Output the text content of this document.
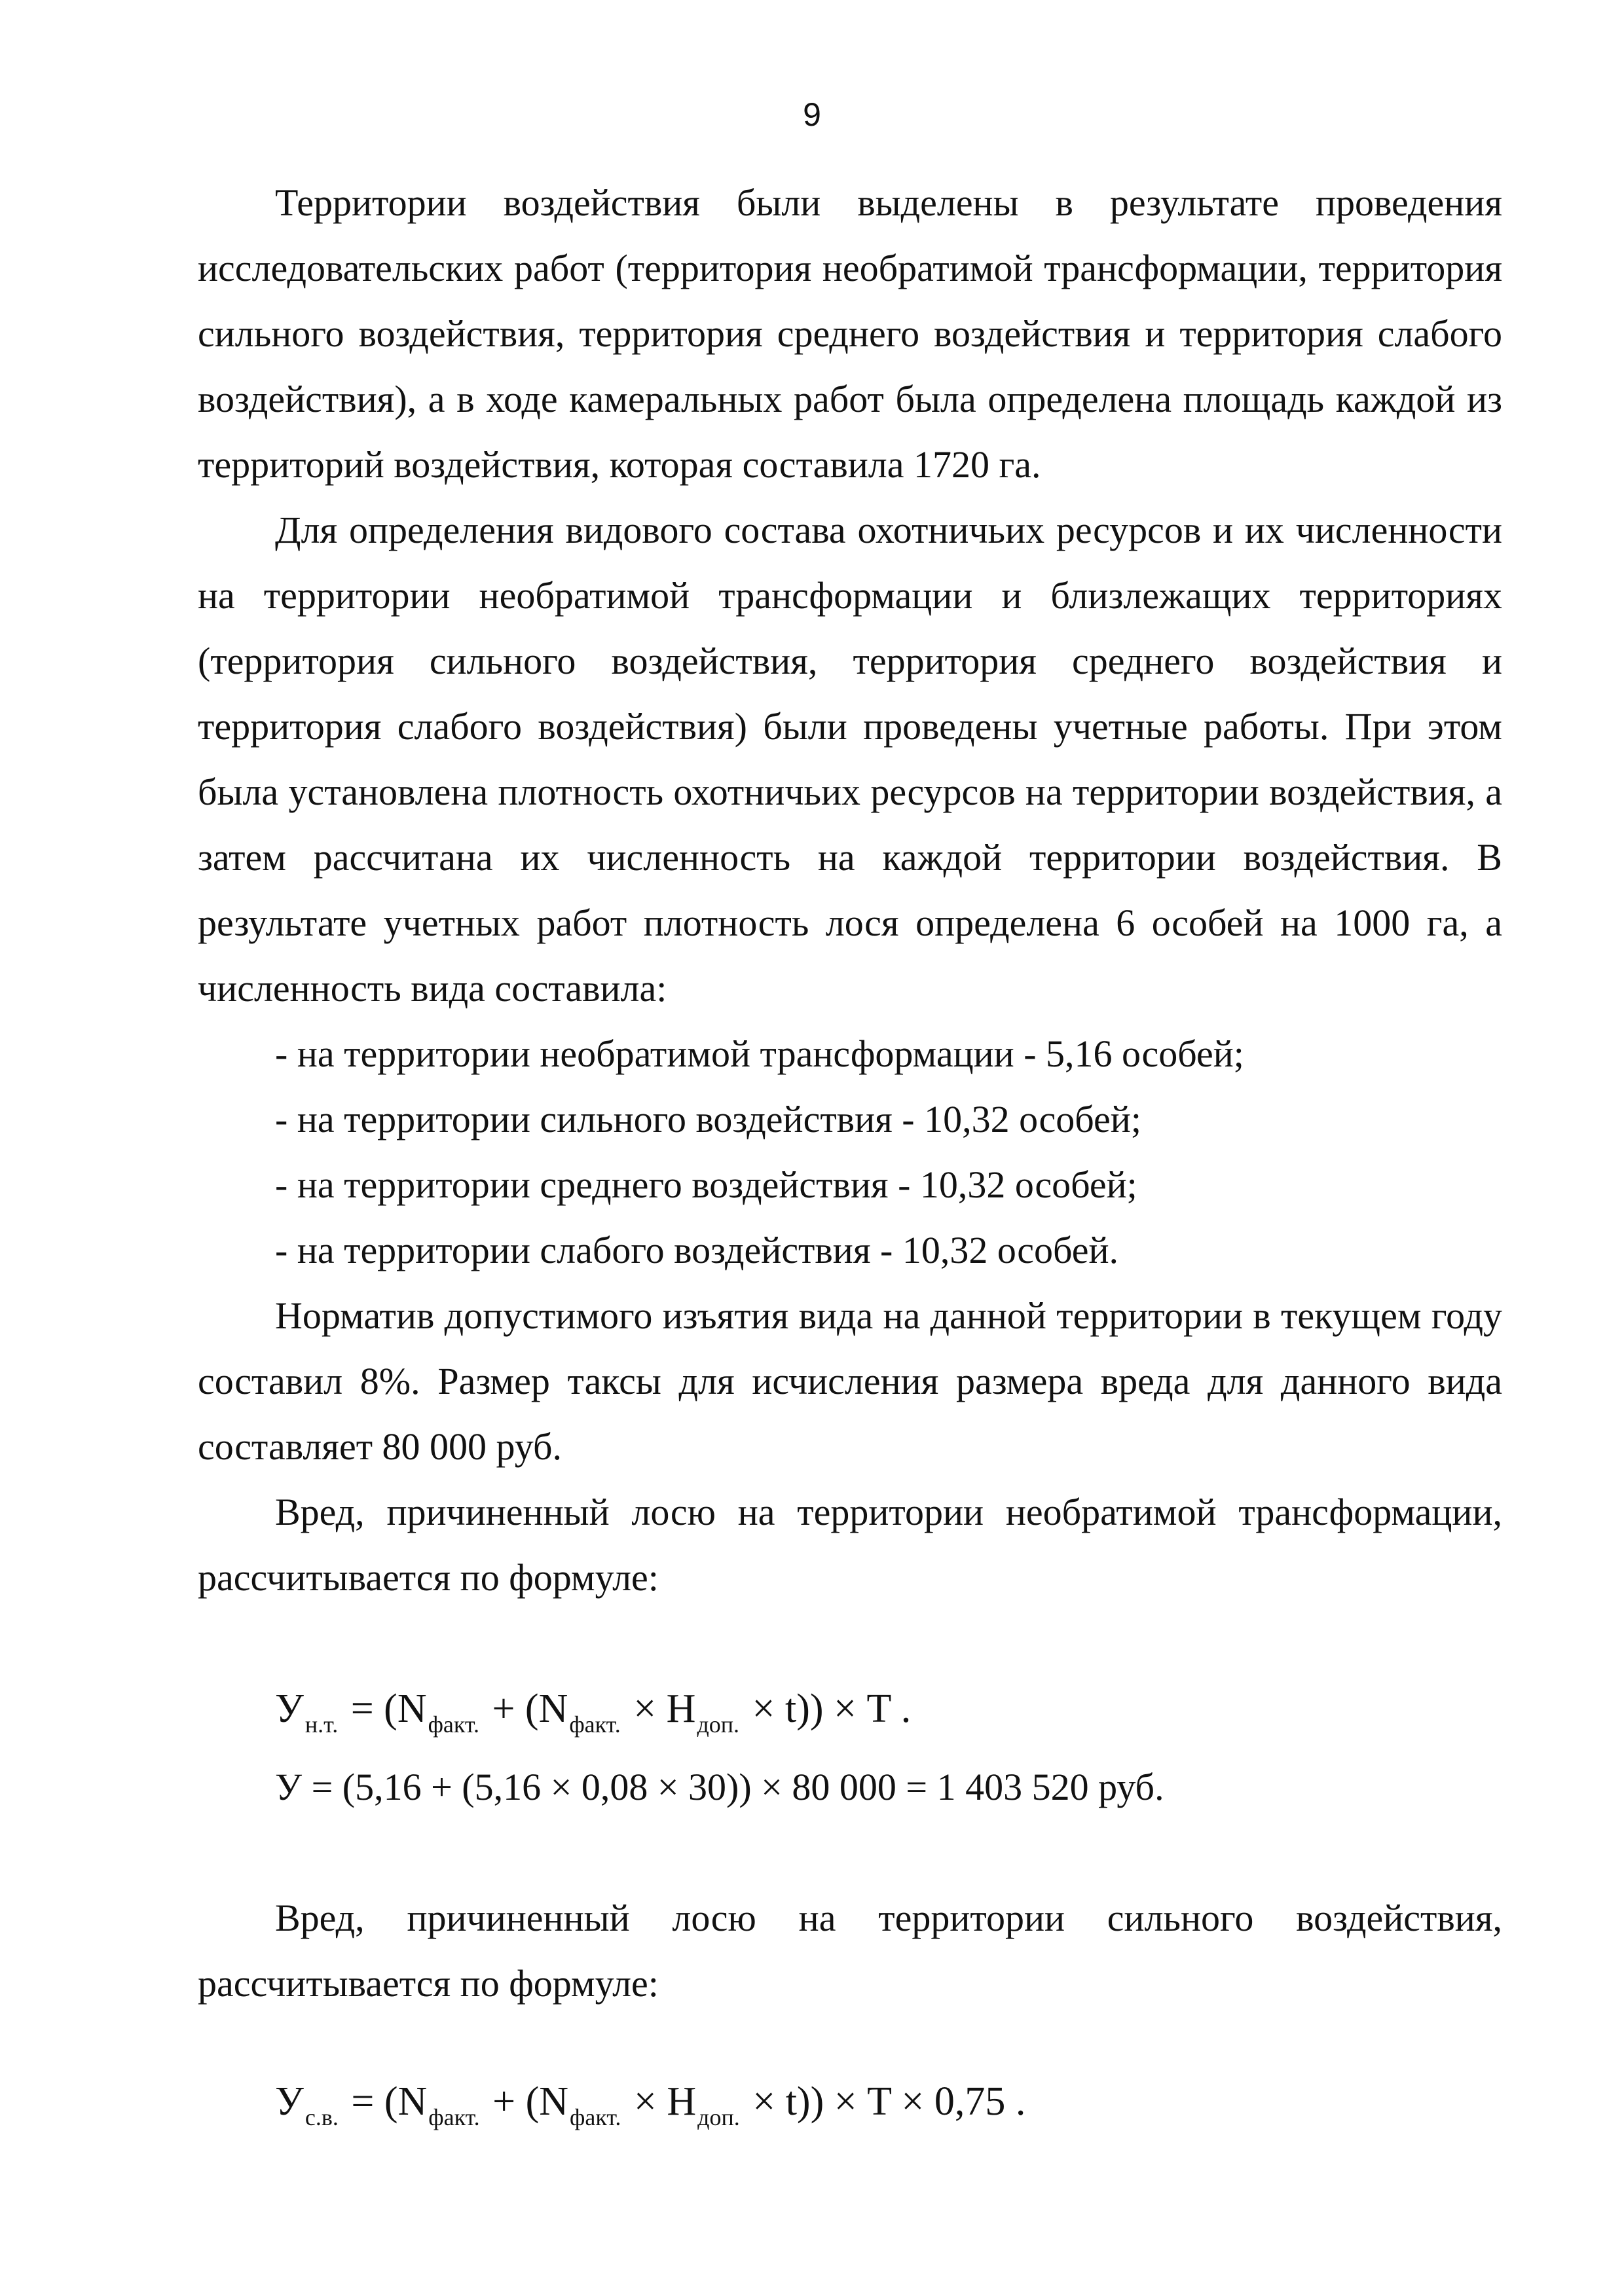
9

Территории воздействия были выделены в результате проведения исследовательских работ (территория необратимой трансформации, территория сильного воздействия, территория среднего воздействия и территория слабого воздействия), а в ходе камеральных работ была определена площадь каждой из территорий воздействия, которая составила 1720 га.

Для определения видового состава охотничьих ресурсов и их численности на территории необратимой трансформации и близлежащих территориях (территория сильного воздействия, территория среднего воздействия и территория слабого воздействия) были проведены учетные работы. При этом была установлена плотность охотничьих ресурсов на территории воздействия, а затем рассчитана их численность на каждой территории воздействия. В результате учетных работ плотность лося определена 6 особей на 1000 га, а численность вида составила:

- на территории необратимой трансформации - 5,16 особей;

- на территории сильного воздействия - 10,32 особей;

- на территории среднего воздействия - 10,32 особей;

- на территории слабого воздействия - 10,32 особей.

Норматив допустимого изъятия вида на данной территории в текущем году составил 8%. Размер таксы для исчисления размера вреда для данного вида составляет 80 000 руб.

Вред, причиненный лосю на территории необратимой трансформации, рассчитывается по формуле:

$У_{н.т.} = (N_{факт.} + (N_{факт.} \times H_{доп.} \times t)) \times T$ .
У = (5,16 + (5,16 × 0,08 × 30)) × 80 000 = 1 403 520 руб.

Вред, причиненный лосю на территории сильного воздействия, рассчитывается по формуле:

$У_{с.в.} = (N_{факт.} + (N_{факт.} \times H_{доп.} \times t)) \times T \times 0,75$ .
